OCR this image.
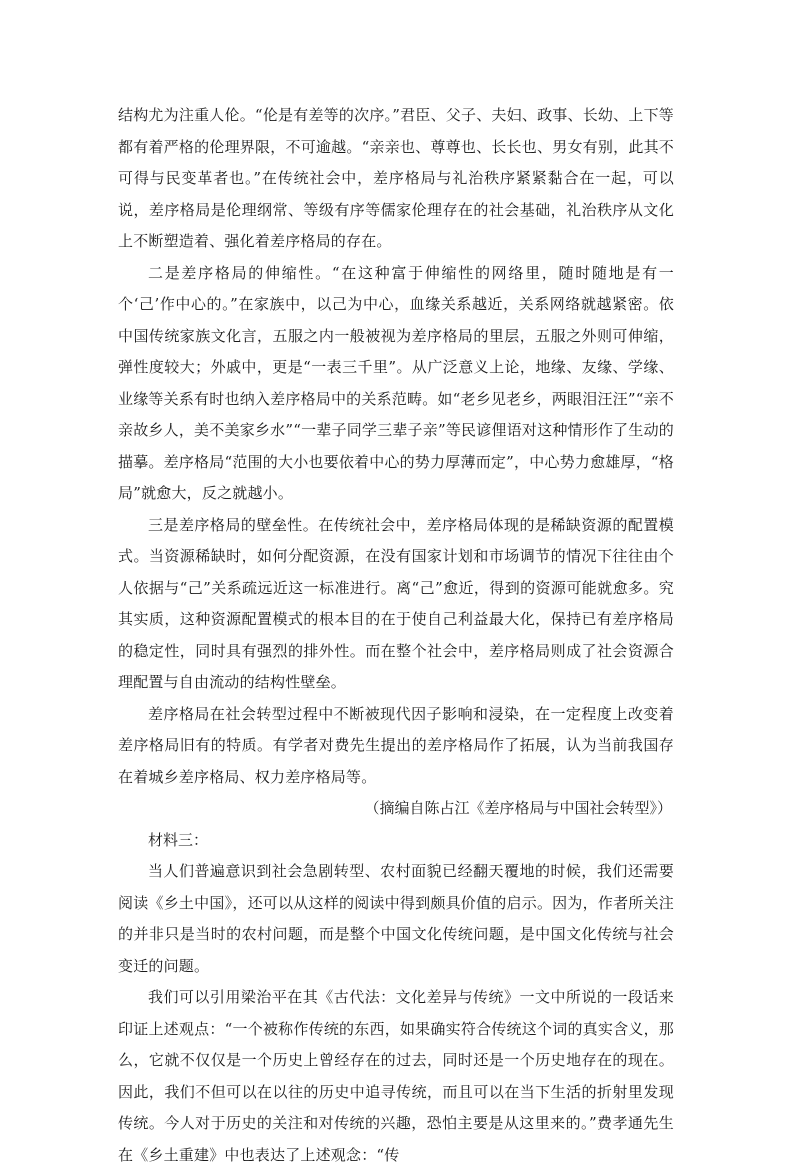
结构尤为注重人伦。“伦是有差等的次序。”君臣、父子、夫妇、政事、长幼、上下等都有着严格的伦理界限，不可逾越。“亲亲也、尊尊也、长长也、男女有别，此其不可得与民变革者也。”在传统社会中，差序格局与礼治秩序紧紧黏合在一起，可以说，差序格局是伦理纲常、等级有序等儒家伦理存在的社会基础，礼治秩序从文化上不断塑造着、强化着差序格局的存在。

二是差序格局的伸缩性。“在这种富于伸缩性的网络里，随时随地是有一个‘己’作中心的。”在家族中，以己为中心，血缘关系越近，关系网络就越紧密。依中国传统家族文化言，五服之内一般被视为差序格局的里层，五服之外则可伸缩，弹性度较大；外戚中，更是“一表三千里”。从广泛意义上论，地缘、友缘、学缘、业缘等关系有时也纳入差序格局中的关系范畴。如“老乡见老乡，两眼泪汪汪”“亲不亲故乡人，美不美家乡水”“一辈子同学三辈子亲”等民谚俚语对这种情形作了生动的描摹。差序格局“范围的大小也要依着中心的势力厚薄而定”，中心势力愈雄厚，“格局”就愈大，反之就越小。

三是差序格局的壁垒性。在传统社会中，差序格局体现的是稀缺资源的配置模式。当资源稀缺时，如何分配资源，在没有国家计划和市场调节的情况下往往由个人依据与“己”关系疏远近这一标准进行。离“己”愈近，得到的资源可能就愈多。究其实质，这种资源配置模式的根本目的在于使自己利益最大化，保持已有差序格局的稳定性，同时具有强烈的排外性。而在整个社会中，差序格局则成了社会资源合理配置与自由流动的结构性壁垒。

差序格局在社会转型过程中不断被现代因子影响和浸染，在一定程度上改变着差序格局旧有的特质。有学者对费先生提出的差序格局作了拓展，认为当前我国存在着城乡差序格局、权力差序格局等。

（摘编自陈占江《差序格局与中国社会转型》）

材料三：

当人们普遍意识到社会急剧转型、农村面貌已经翻天覆地的时候，我们还需要阅读《乡土中国》，还可以从这样的阅读中得到颇具价值的启示。因为，作者所关注的并非只是当时的农村问题，而是整个中国文化传统问题，是中国文化传统与社会变迁的问题。

我们可以引用梁治平在其《古代法：文化差异与传统》一文中所说的一段话来印证上述观点：“一个被称作传统的东西，如果确实符合传统这个词的真实含义，那么，它就不仅仅是一个历史上曾经存在的过去，同时还是一个历史地存在的现在。因此，我们不但可以在以往的历史中追寻传统，而且可以在当下生活的折射里发现传统。今人对于历史的关注和对传统的兴趣，恐怕主要是从这里来的。”费孝通先生在《乡土重建》中也表达了上述观念：“传
